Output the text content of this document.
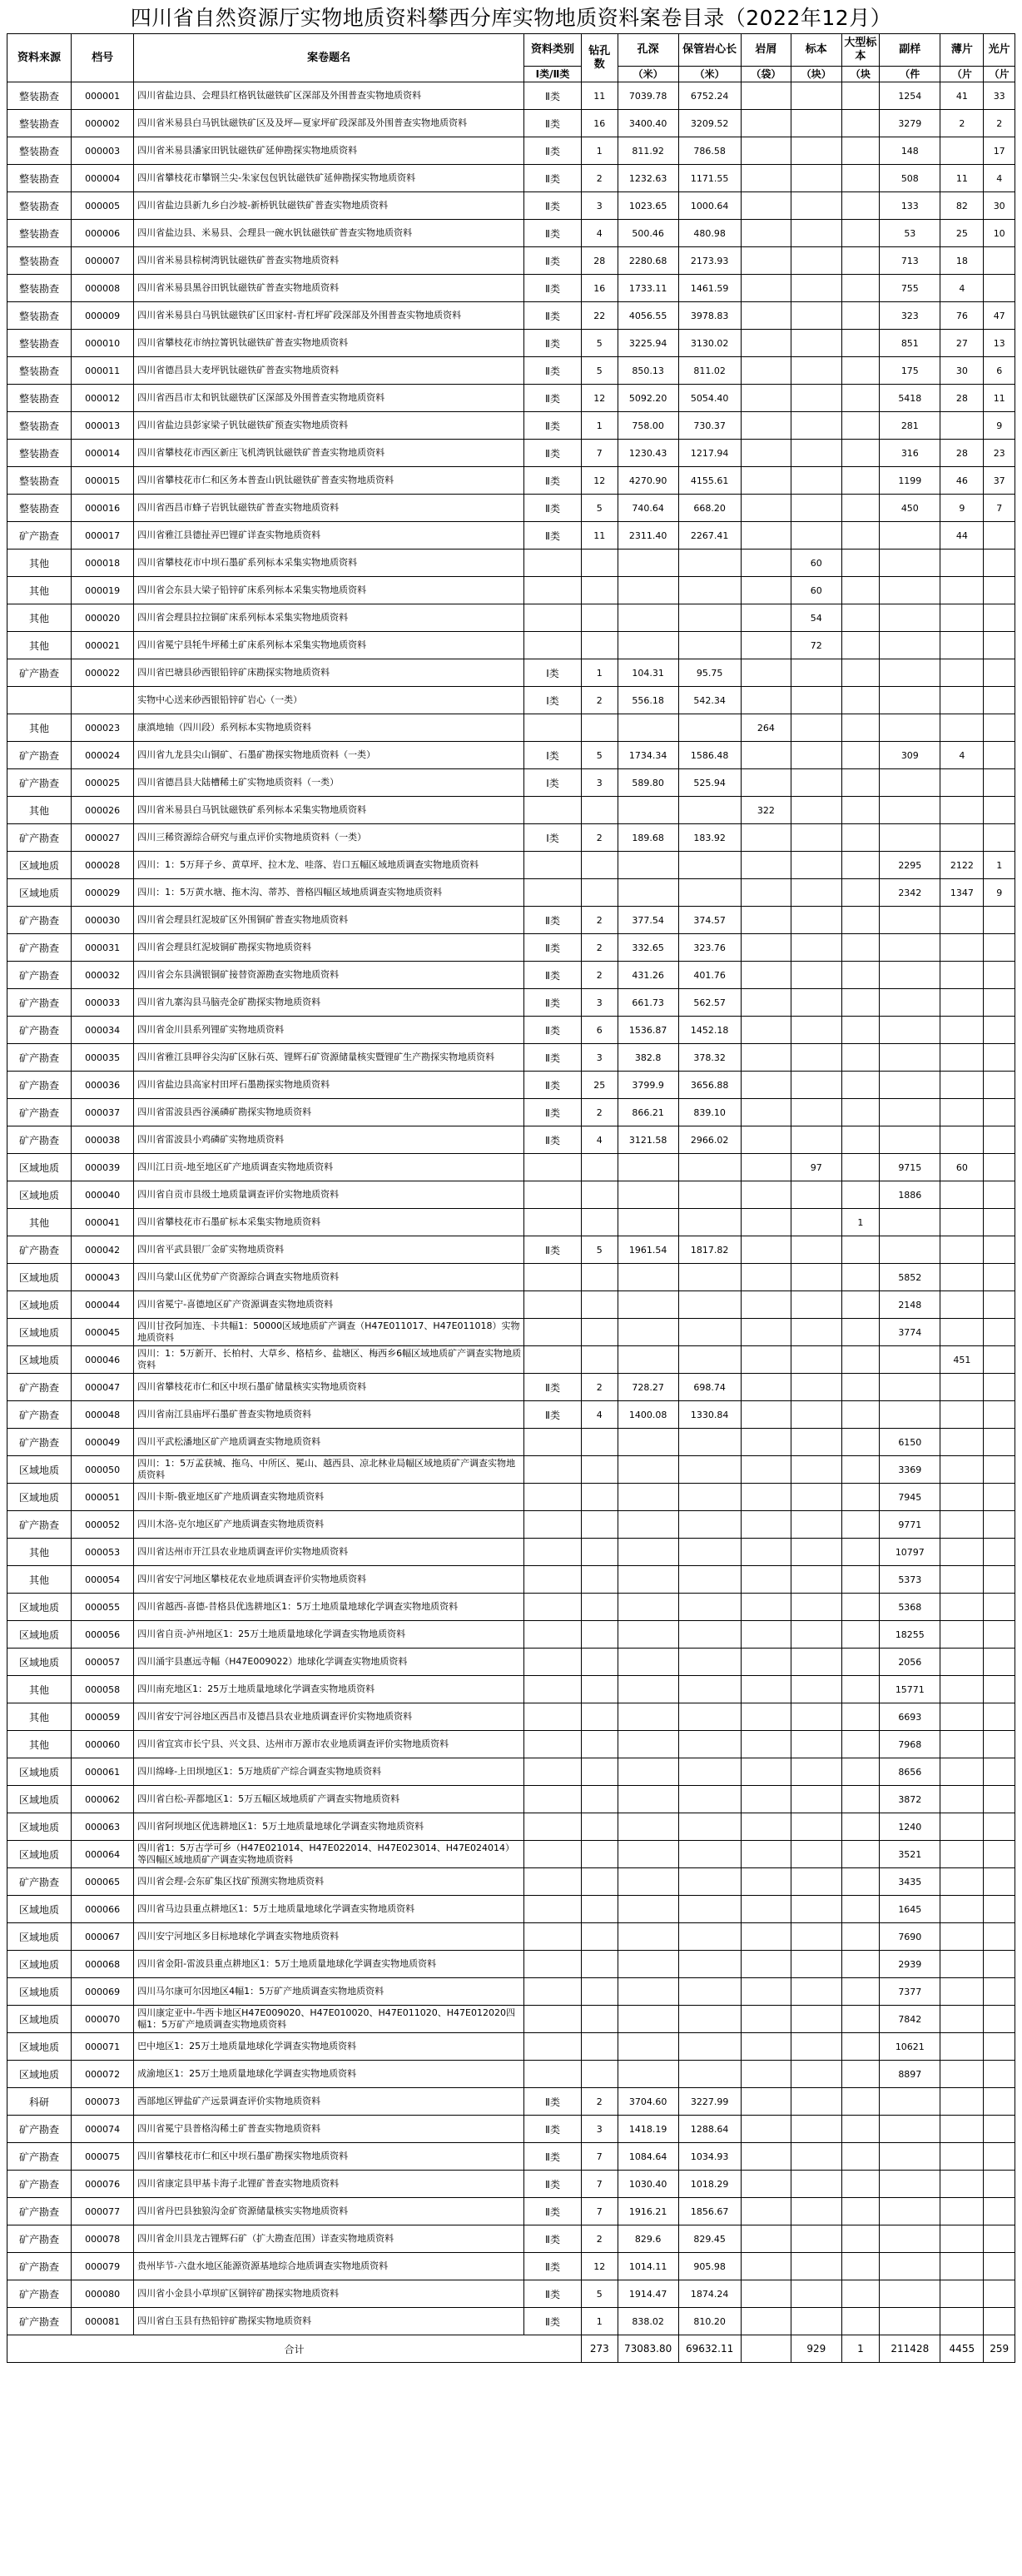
四川省自然资源厅实物地质资料攀西分库实物地质资料案卷目录（2022年12月）
资料来源	档号	案卷题名	资料类别	钻孔数	孔深	保管岩心长	岩屑	标本	大型标本	副样	薄片	光片
			Ⅰ类/Ⅱ类		（米）	（米）	（袋）	（块）	（块	（件	（片	（片
整装勘查	000001	四川省盐边县、会理县红格钒钛磁铁矿区深部及外围普查实物地质资料	Ⅱ类	11	7039.78	6752.24				1254	41	33
整装勘查	000002	四川省米易县白马钒钛磁铁矿区及及坪—夏家坪矿段深部及外围普查实物地质资料	Ⅱ类	16	3400.40	3209.52				3279	2	2
整装勘查	000003	四川省米易县潘家田钒钛磁铁矿延伸勘探实物地质资料	Ⅱ类	1	811.92	786.58				148		17
整装勘查	000004	四川省攀枝花市攀钢兰尖-朱家包包钒钛磁铁矿延伸勘探实物地质资料	Ⅱ类	2	1232.63	1171.55				508	11	4
整装勘查	000005	四川省盐边县新九乡白沙坡-新桥钒钛磁铁矿普查实物地质资料	Ⅱ类	3	1023.65	1000.64				133	82	30
整装勘查	000006	四川省盐边县、米易县、会理县一碗水钒钛磁铁矿普查实物地质资料	Ⅱ类	4	500.46	480.98				53	25	10
整装勘查	000007	四川省米易县棕树湾钒钛磁铁矿普查实物地质资料	Ⅱ类	28	2280.68	2173.93				713	18	
整装勘查	000008	四川省米易县黑谷田钒钛磁铁矿普查实物地质资料	Ⅱ类	16	1733.11	1461.59				755	4	
整装勘查	000009	四川省米易县白马钒钛磁铁矿区田家村-青杠坪矿段深部及外围普查实物地质资料	Ⅱ类	22	4056.55	3978.83				323	76	47
整装勘查	000010	四川省攀枝花市纳拉箐钒钛磁铁矿普查实物地质资料	Ⅱ类	5	3225.94	3130.02				851	27	13
整装勘查	000011	四川省德昌县大麦坪钒钛磁铁矿普查实物地质资料	Ⅱ类	5	850.13	811.02				175	30	6
整装勘查	000012	四川省西昌市太和钒钛磁铁矿区深部及外围普查实物地质资料	Ⅱ类	12	5092.20	5054.40				5418	28	11
整装勘查	000013	四川省盐边县彭家梁子钒钛磁铁矿预查实物地质资料	Ⅱ类	1	758.00	730.37				281		9
整装勘查	000014	四川省攀枝花市西区新庄飞机湾钒钛磁铁矿普查实物地质资料	Ⅱ类	7	1230.43	1217.94				316	28	23
整装勘查	000015	四川省攀枝花市仁和区务本普查山钒钛磁铁矿普查实物地质资料	Ⅱ类	12	4270.90	4155.61				1199	46	37
整装勘查	000016	四川省西昌市蜂子岩钒钛磁铁矿普查实物地质资料	Ⅱ类	5	740.64	668.20				450	9	7
矿产勘查	000017	四川省雅江县德扯弄巴锂矿详查实物地质资料	Ⅱ类	11	2311.40	2267.41					44	
其他	000018	四川省攀枝花市中坝石墨矿系列标本采集实物地质资料						60				
其他	000019	四川省会东县大梁子铅锌矿床系列标本采集实物地质资料						60				
其他	000020	四川省会理县拉拉铜矿床系列标本采集实物地质资料						54				
其他	000021	四川省冕宁县牦牛坪稀土矿床系列标本采集实物地质资料						72				
矿产勘查	000022	四川省巴塘县砂西银铅锌矿床勘探实物地质资料	Ⅰ类	1	104.31	95.75						
		实物中心送来砂西银铅锌矿岩心（一类）	Ⅰ类	2	556.18	542.34						
其他	000023	康滇地轴（四川段）系列标本实物地质资料					264					
矿产勘查	000024	四川省九龙县尖山铜矿、石墨矿勘探实物地质资料（一类）	Ⅰ类	5	1734.34	1586.48				309	4	
矿产勘查	000025	四川省德昌县大陆槽稀土矿实物地质资料（一类）	Ⅰ类	3	589.80	525.94						
其他	000026	四川省米易县白马钒钛磁铁矿系列标本采集实物地质资料					322					
矿产勘查	000027	四川三稀资源综合研究与重点评价实物地质资料（一类）	Ⅰ类	2	189.68	183.92						
区域地质	000028	四川：1：5万拜子乡、黄草坪、拉木龙、哇落、岩口五幅区域地质调查实物地质资料								2295	2122	1
区域地质	000029	四川：1：5万黄水塘、拖木沟、蒂苏、普格四幅区域地质调查实物地质资料								2342	1347	9
矿产勘查	000030	四川省会理县红泥坡矿区外围铜矿普查实物地质资料	Ⅱ类	2	377.54	374.57						
矿产勘查	000031	四川省会理县红泥坡铜矿勘探实物地质资料	Ⅱ类	2	332.65	323.76						
矿产勘查	000032	四川省会东县满银铜矿接替资源勘查实物地质资料	Ⅱ类	2	431.26	401.76						
矿产勘查	000033	四川省九寨沟县马脑壳金矿勘探实物地质资料	Ⅱ类	3	661.73	562.57						
矿产勘查	000034	四川省金川县系列锂矿实物地质资料	Ⅱ类	6	1536.87	1452.18						
矿产勘查	000035	四川省雅江县呷谷尖沟矿区脉石英、锂辉石矿资源储量核实暨锂矿生产勘探实物地质资料	Ⅱ类	3	382.8	378.32						
矿产勘查	000036	四川省盐边县高家村田坪石墨勘探实物地质资料	Ⅱ类	25	3799.9	3656.88						
矿产勘查	000037	四川省雷波县西谷溪磷矿勘探实物地质资料	Ⅱ类	2	866.21	839.10						
矿产勘查	000038	四川省雷波县小鸡磷矿实物地质资料	Ⅱ类	4	3121.58	2966.02						
区域地质	000039	四川江日贡-地至地区矿产地质调查实物地质资料						97		9715	60	
区域地质	000040	四川省自贡市县级土地质量调查评价实物地质资料								1886		
其他	000041	四川省攀枝花市石墨矿标本采集实物地质资料							1			
矿产勘查	000042	四川省平武县银厂金矿实物地质资料	Ⅱ类	5	1961.54	1817.82						
区域地质	000043	四川乌蒙山区优势矿产资源综合调查实物地质资料								5852		
区域地质	000044	四川省冕宁-喜德地区矿产资源调查实物地质资料								2148		
区域地质	000045	四川甘孜阿加连、卡共幅1：50000区域地质矿产调查（H47E011017、H47E011018）实物地质资料								3774		
区域地质	000046	四川：1：5万新开、长柏村、大草乡、格桔乡、盐塘区、梅西乡6幅区域地质矿产调查实物地质资料									451	
矿产勘查	000047	四川省攀枝花市仁和区中坝石墨矿储量核实实物地质资料	Ⅱ类	2	728.27	698.74						
矿产勘查	000048	四川省南江县庙坪石墨矿普查实物地质资料	Ⅱ类	4	1400.08	1330.84						
矿产勘查	000049	四川平武松潘地区矿产地质调查实物地质资料								6150		
区域地质	000050	四川：1：5万孟获城、拖乌、中所区、冕山、越西县、凉北林业局幅区域地质矿产调查实物地质资料								3369		
区域地质	000051	四川卡斯-俄亚地区矿产地质调查实物地质资料								7945		
矿产勘查	000052	四川木洛-克尔地区矿产地质调查实物地质资料								9771		
其他	000053	四川省达州市开江县农业地质调查评价实物地质资料								10797		
其他	000054	四川省安宁河地区攀枝花农业地质调查评价实物地质资料								5373		
区域地质	000055	四川省越西-喜德-昔格县优选耕地区1：5万土地质量地球化学调查实物地质资料								5368		
区域地质	000056	四川省自贡-泸州地区1：25万土地质量地球化学调查实物地质资料								18255		
区域地质	000057	四川涌宇县惠远寺幅（H47E009022）地球化学调查实物地质资料								2056		
其他	000058	四川南充地区1：25万土地质量地球化学调查实物地质资料								15771		
其他	000059	四川省安宁河谷地区西昌市及德昌县农业地质调查评价实物地质资料								6693		
其他	000060	四川省宜宾市长宁县、兴文县、达州市万源市农业地质调查评价实物地质资料								7968		
区域地质	000061	四川绵峰-上田坝地区1：5万地质矿产综合调查实物地质资料								8656		
区域地质	000062	四川省白松-弄都地区1：5万五幅区域地质矿产调查实物地质资料								3872		
区域地质	000063	四川省阿坝地区优选耕地区1：5万土地质量地球化学调查实物地质资料								1240		
区域地质	000064	四川省1：5万古学可乡（H47E021014、H47E022014、H47E023014、H47E024014）等四幅区域地质矿产调查实物地质资料								3521		
矿产勘查	000065	四川省会理-会东矿集区找矿预测实物地质资料								3435		
区域地质	000066	四川省马边县重点耕地区1：5万土地质量地球化学调查实物地质资料								1645		
区域地质	000067	四川安宁河地区多目标地球化学调查实物地质资料								7690		
区域地质	000068	四川省金阳-雷波县重点耕地区1：5万土地质量地球化学调查实物地质资料								2939		
区域地质	000069	四川马尔康可尔因地区4幅1：5万矿产地质调查实物地质资料								7377		
区域地质	000070	四川康定亚中-牛西卡地区H47E009020、H47E010020、H47E011020、H47E012020四幅1：5万矿产地质调查实物地质资料								7842		
区域地质	000071	巴中地区1：25万土地质量地球化学调查实物地质资料								10621		
区域地质	000072	成渝地区1：25万土地质量地球化学调查实物地质资料								8897		
科研	000073	西部地区钾盐矿产远景调查评价实物地质资料	Ⅱ类	2	3704.60	3227.99						
矿产勘查	000074	四川省冕宁县普格沟稀土矿普查实物地质资料	Ⅱ类	3	1418.19	1288.64						
矿产勘查	000075	四川省攀枝花市仁和区中坝石墨矿勘探实物地质资料	Ⅱ类	7	1084.64	1034.93						
矿产勘查	000076	四川省康定县甲基卡海子北锂矿普查实物地质资料	Ⅱ类	7	1030.40	1018.29						
矿产勘查	000077	四川省丹巴县独狼沟金矿资源储量核实实物地质资料	Ⅱ类	7	1916.21	1856.67						
矿产勘查	000078	四川省金川县龙古锂辉石矿（扩大勘查范围）详查实物地质资料	Ⅱ类	2	829.6	829.45						
矿产勘查	000079	贵州毕节-六盘水地区能源资源基地综合地质调查实物地质资料	Ⅱ类	12	1014.11	905.98						
矿产勘查	000080	四川省小金县小草坝矿区铜锌矿勘探实物地质资料	Ⅱ类	5	1914.47	1874.24						
矿产勘查	000081	四川省白玉县有热铅锌矿勘探实物地质资料	Ⅱ类	1	838.02	810.20						
合计				273	73083.80	69632.11		929	1	211428	4455	259
